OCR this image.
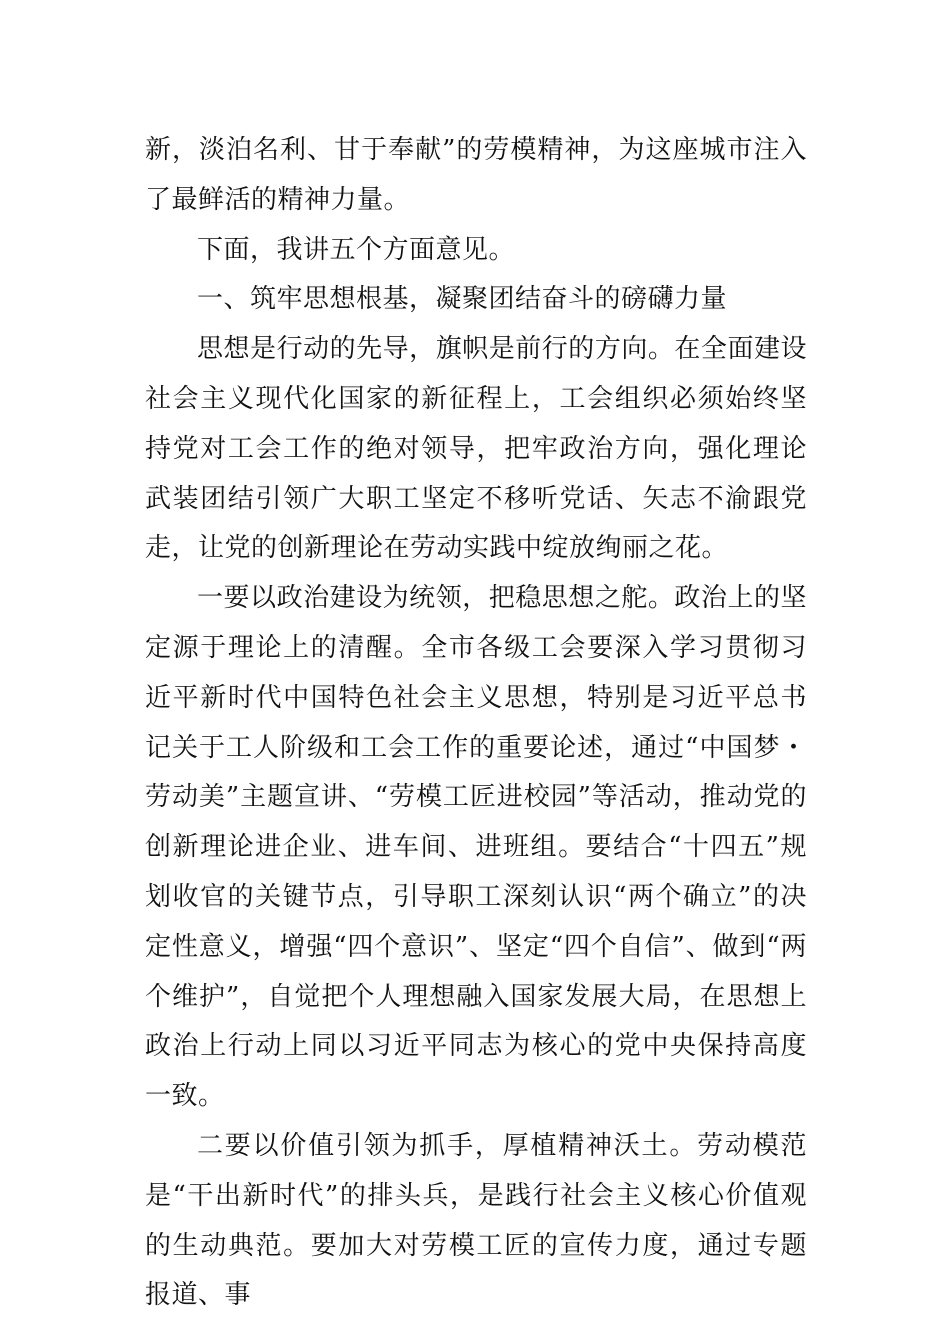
新，淡泊名利、甘于奉献”的劳模精神，为这座城市注入了最鲜活的精神力量。

下面，我讲五个方面意见。

一、筑牢思想根基，凝聚团结奋斗的磅礴力量

思想是行动的先导，旗帜是前行的方向。在全面建设社会主义现代化国家的新征程上，工会组织必须始终坚持党对工会工作的绝对领导，把牢政治方向，强化理论武装团结引领广大职工坚定不移听党话、矢志不渝跟党走，让党的创新理论在劳动实践中绽放绚丽之花。

一要以政治建设为统领，把稳思想之舵。政治上的坚定源于理论上的清醒。全市各级工会要深入学习贯彻习近平新时代中国特色社会主义思想，特别是习近平总书记关于工人阶级和工会工作的重要论述，通过“中国梦・劳动美”主题宣讲、“劳模工匠进校园”等活动，推动党的创新理论进企业、进车间、进班组。要结合“十四五”规划收官的关键节点，引导职工深刻认识“两个确立”的决定性意义，增强“四个意识”、坚定“四个自信”、做到“两个维护”，自觉把个人理想融入国家发展大局，在思想上政治上行动上同以习近平同志为核心的党中央保持高度一致。

二要以价值引领为抓手，厚植精神沃土。劳动模范是“干出新时代”的排头兵，是践行社会主义核心价值观的生动典范。要加大对劳模工匠的宣传力度，通过专题报道、事
